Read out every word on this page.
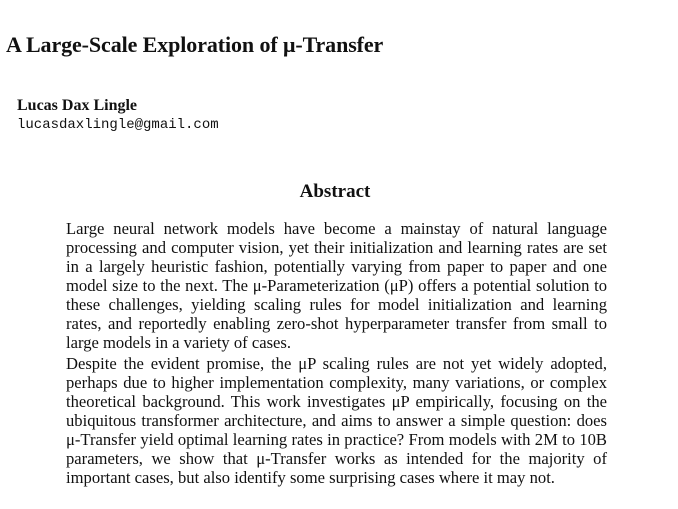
A Large-Scale Exploration of μ-Transfer
Lucas Dax Lingle
lucasdaxlingle@gmail.com
Abstract

Large neural network models have become a mainstay of natural language processing and computer vision, yet their initialization and learning rates are set in a largely heuristic fashion, potentially varying from paper to paper and one model size to the next. The μ-Parameterization (μP) offers a potential solution to these challenges, yielding scaling rules for model initialization and learning rates, and reportedly enabling zero-shot hyperparameter transfer from small to large models in a variety of cases.

Despite the evident promise, the μP scaling rules are not yet widely adopted, perhaps due to higher implementation complexity, many variations, or complex theoretical background. This work investigates μP empirically, focusing on the ubiquitous transformer architecture, and aims to answer a simple question: does μ-Transfer yield optimal learning rates in practice? From models with 2M to 10B parameters, we show that μ-Transfer works as intended for the majority of important cases, but also identify some surprising cases where it may not.
